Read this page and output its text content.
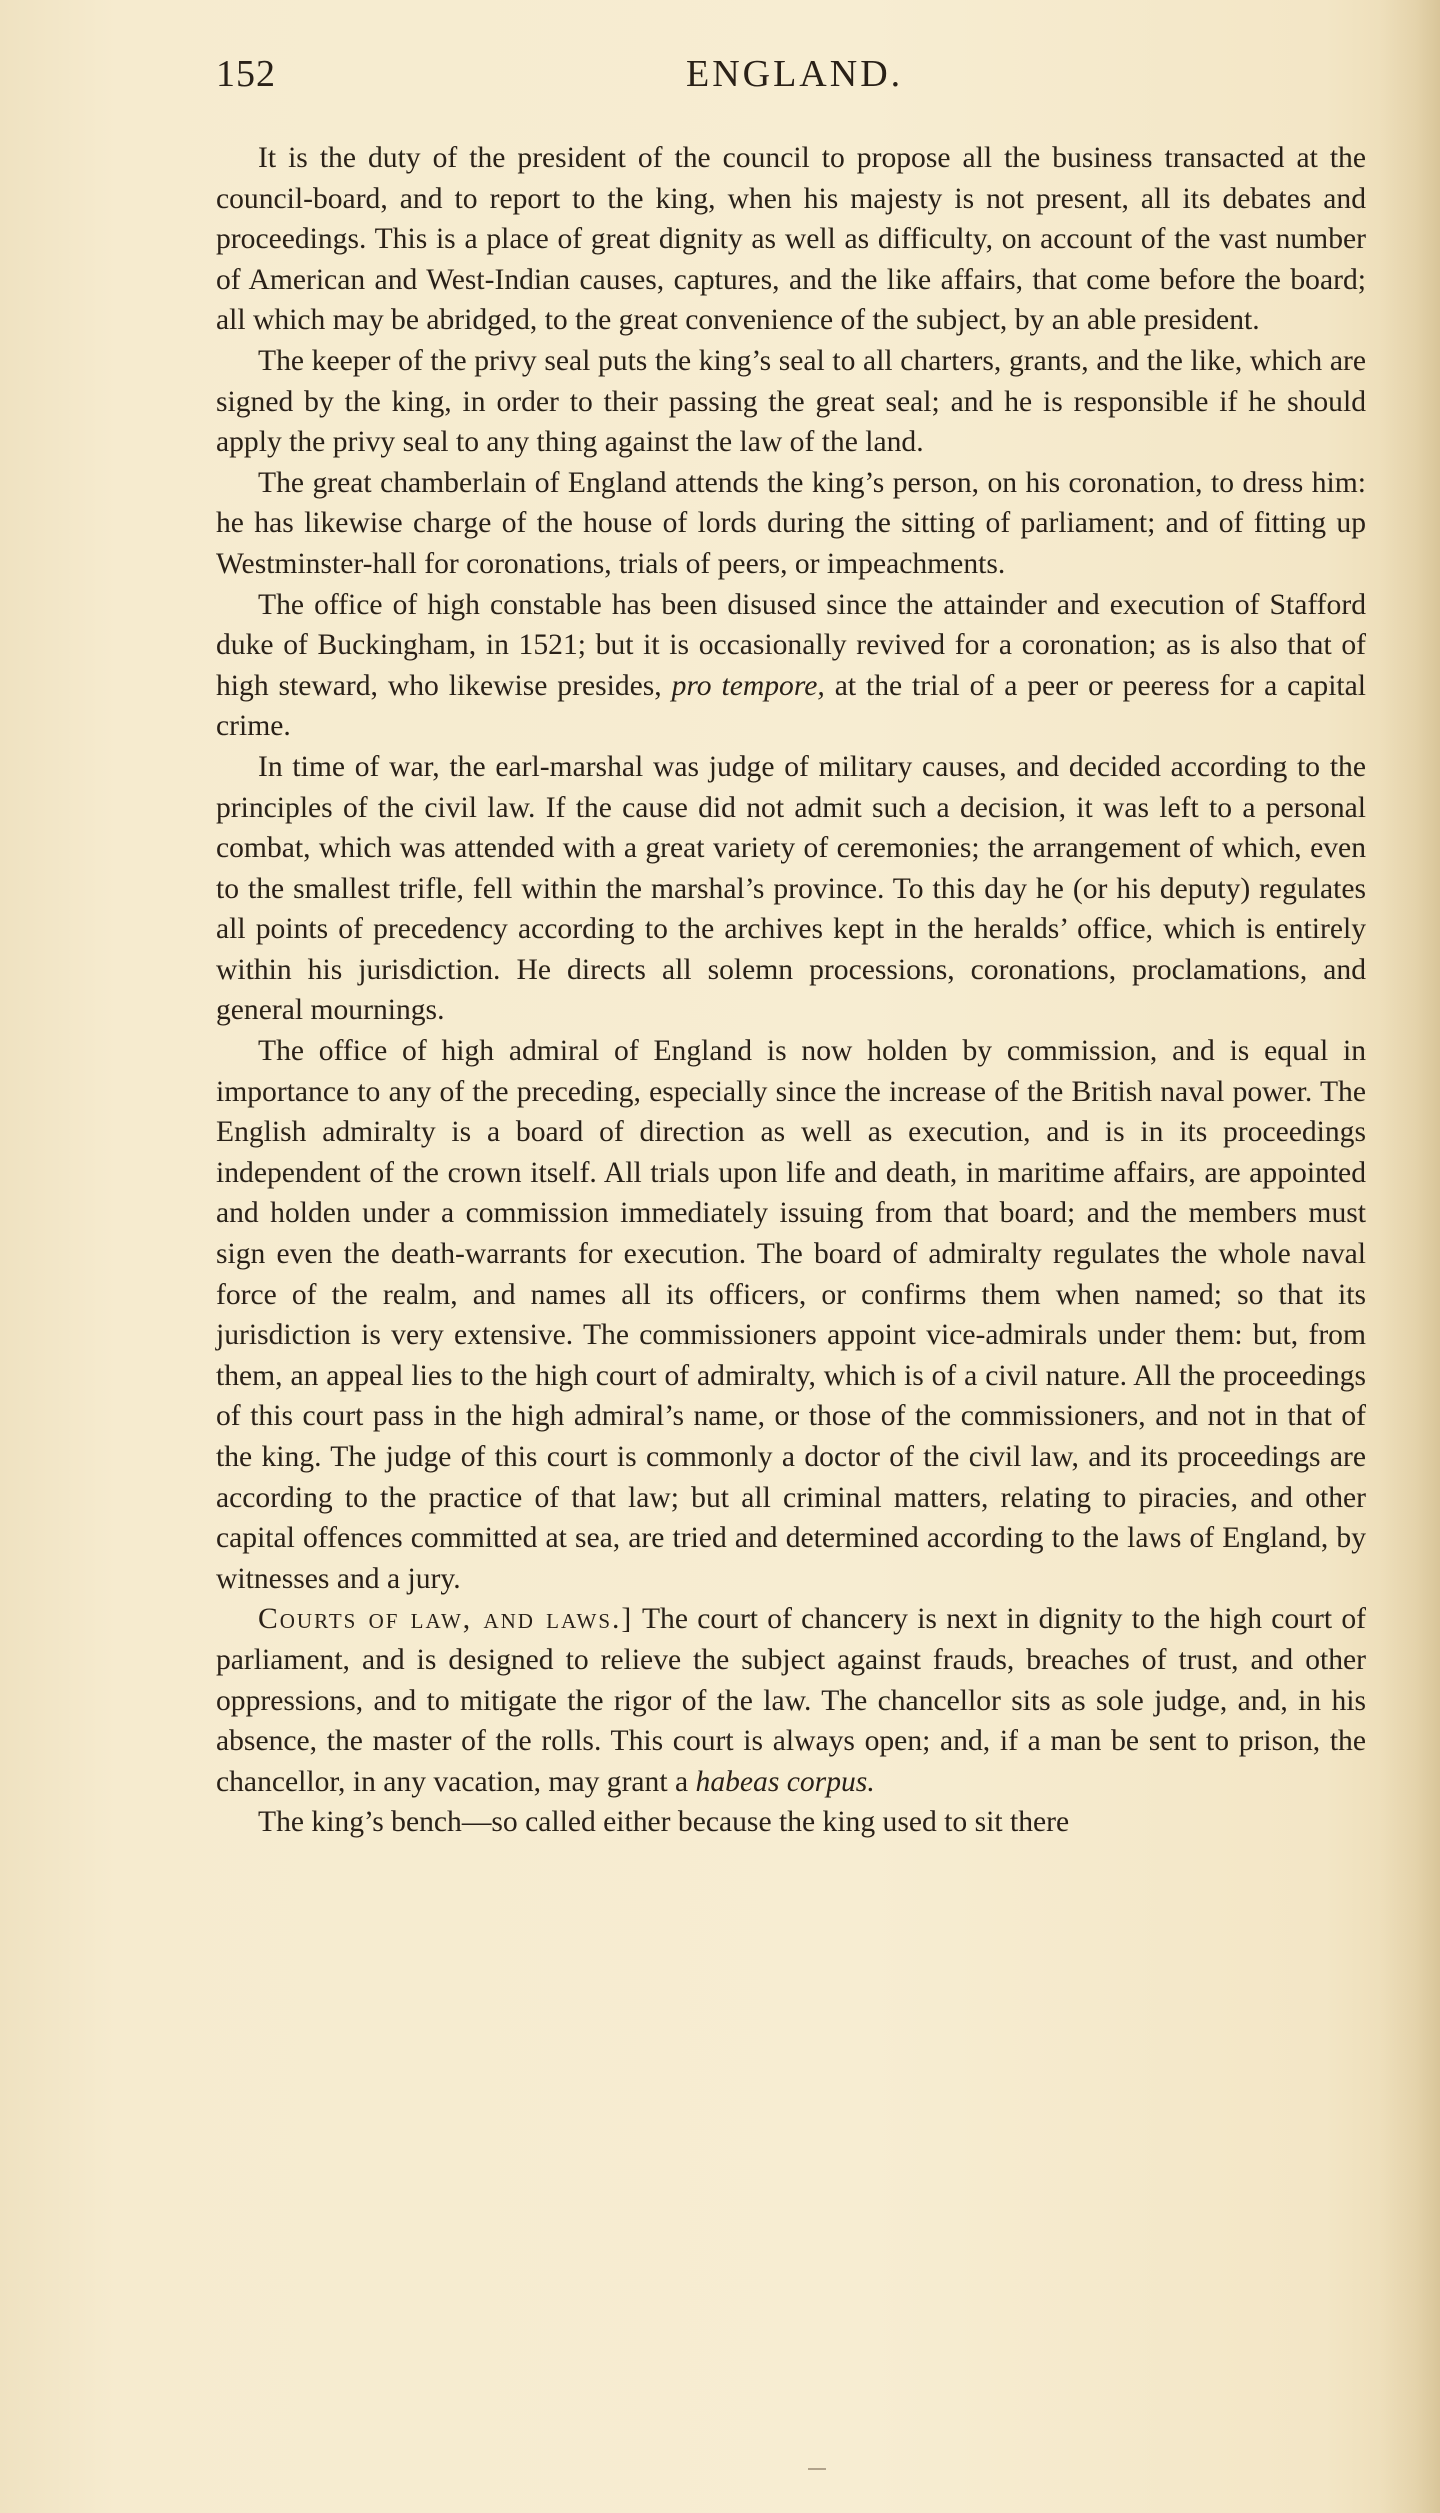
152	ENGLAND.

It is the duty of the president of the council to propose all the business transacted at the council-board, and to report to the king, when his majesty is not present, all its debates and proceedings. This is a place of great dignity as well as difficulty, on account of the vast number of American and West-Indian causes, captures, and the like affairs, that come before the board; all which may be abridged, to the great convenience of the subject, by an able president.

The keeper of the privy seal puts the king’s seal to all charters, grants, and the like, which are signed by the king, in order to their passing the great seal; and he is responsible if he should apply the privy seal to any thing against the law of the land.

The great chamberlain of England attends the king’s person, on his coronation, to dress him: he has likewise charge of the house of lords during the sitting of parliament; and of fitting up Westminster-hall for coronations, trials of peers, or impeachments.

The office of high constable has been disused since the attainder and execution of Stafford duke of Buckingham, in 1521; but it is occasionally revived for a coronation; as is also that of high steward, who likewise presides, pro tempore, at the trial of a peer or peeress for a capital crime.

In time of war, the earl-marshal was judge of military causes, and decided according to the principles of the civil law. If the cause did not admit such a decision, it was left to a personal combat, which was attended with a great variety of ceremonies; the arrangement of which, even to the smallest trifle, fell within the marshal’s province. To this day he (or his deputy) regulates all points of precedency according to the archives kept in the heralds’ office, which is entirely within his jurisdiction. He directs all solemn processions, coronations, proclamations, and general mournings.

The office of high admiral of England is now holden by commission, and is equal in importance to any of the preceding, especially since the increase of the British naval power. The English admiralty is a board of direction as well as execution, and is in its proceedings independent of the crown itself. All trials upon life and death, in maritime affairs, are appointed and holden under a commission immediately issuing from that board; and the members must sign even the death-warrants for execution. The board of admiralty regulates the whole naval force of the realm, and names all its officers, or confirms them when named; so that its jurisdiction is very extensive. The commissioners appoint vice-admirals under them: but, from them, an appeal lies to the high court of admiralty, which is of a civil nature. All the proceedings of this court pass in the high admiral’s name, or those of the commissioners, and not in that of the king. The judge of this court is commonly a doctor of the civil law, and its proceedings are according to the practice of that law; but all criminal matters, relating to piracies, and other capital offences committed at sea, are tried and determined according to the laws of England, by witnesses and a jury.

Courts of law, and laws.] The court of chancery is next in dignity to the high court of parliament, and is designed to relieve the subject against frauds, breaches of trust, and other oppressions, and to mitigate the rigor of the law. The chancellor sits as sole judge, and, in his absence, the master of the rolls. This court is always open; and, if a man be sent to prison, the chancellor, in any vacation, may grant a habeas corpus.

The king’s bench—so called either because the king used to sit there
